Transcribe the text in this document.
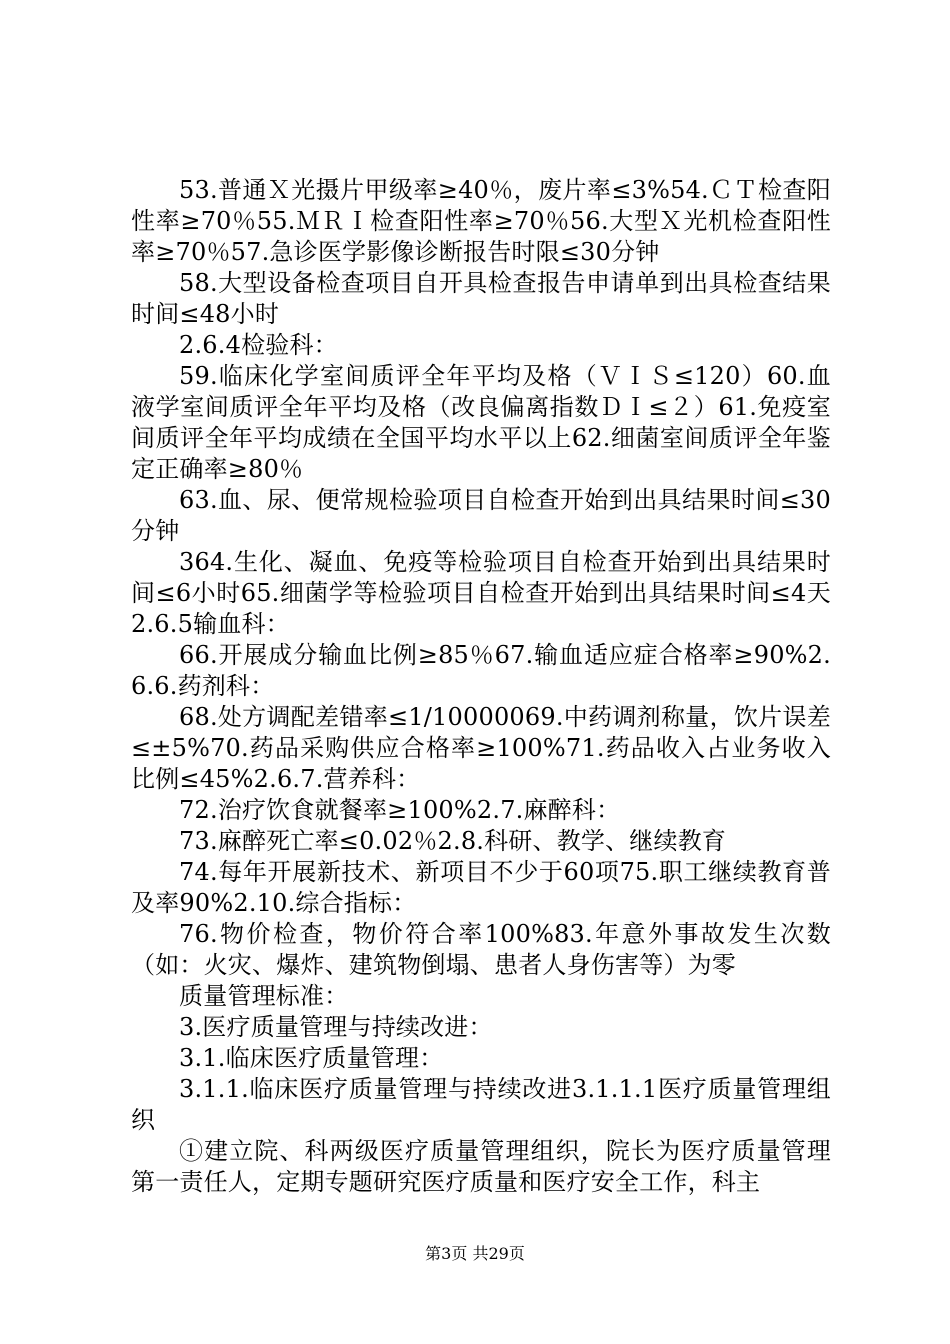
53.普通Ｘ光摄片甲级率≥40％，废片率≤3%54.ＣＴ检查阳性率≥70％55.ＭＲＩ检查阳性率≥70％56.大型Ｘ光机检查阳性率≥70％57.急诊医学影像诊断报告时限≤30分钟

58.大型设备检查项目自开具检查报告申请单到出具检查结果时间≤48小时

2.6.4检验科：

59.临床化学室间质评全年平均及格（ＶＩＳ≤120）60.血液学室间质评全年平均及格（改良偏离指数ＤＩ≤２）61.免疫室间质评全年平均成绩在全国平均水平以上62.细菌室间质评全年鉴定正确率≥80％

63.血、尿、便常规检验项目自检查开始到出具结果时间≤30分钟

364.生化、凝血、免疫等检验项目自检查开始到出具结果时间≤6小时65.细菌学等检验项目自检查开始到出具结果时间≤4天2.6.5输血科：

66.开展成分输血比例≥85％67.输血适应症合格率≥90%2.6.6.药剂科：

68.处方调配差错率≤1/10000069.中药调剂称量，饮片误差≤±5%70.药品采购供应合格率≥100%71.药品收入占业务收入比例≤45%2.6.7.营养科：

72.治疗饮食就餐率≥100%2.7.麻醉科：

73.麻醉死亡率≤0.02％2.8.科研、教学、继续教育

74.每年开展新技术、新项目不少于60项75.职工继续教育普及率90%2.10.综合指标：

76.物价检查，物价符合率100%83.年意外事故发生次数（如：火灾、爆炸、建筑物倒塌、患者人身伤害等）为零

质量管理标准：

3.医疗质量管理与持续改进：

3.1.临床医疗质量管理：

3.1.1.临床医疗质量管理与持续改进3.1.1.1医疗质量管理组织

①建立院、科两级医疗质量管理组织，院长为医疗质量管理第一责任人，定期专题研究医疗质量和医疗安全工作，科主

第3页 共29页
